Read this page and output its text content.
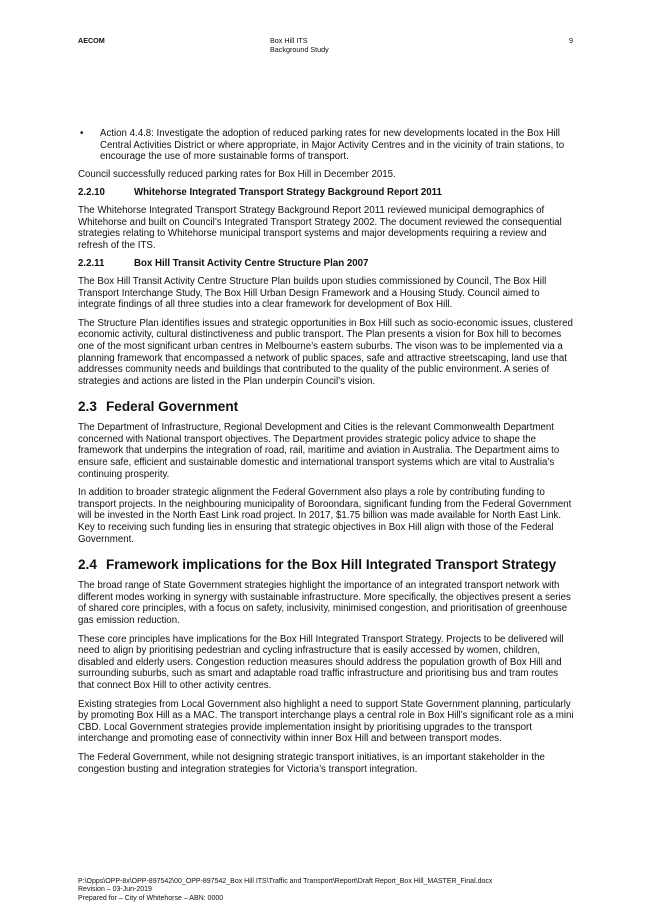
AECOM	Box Hill ITS
Background Study
9

• Action 4.4.8: Investigate the adoption of reduced parking rates for new developments located in the Box Hill Central Activities District or where appropriate, in Major Activity Centres and in the vicinity of train stations, to encourage the use of more sustainable forms of transport.

Council successfully reduced parking rates for Box Hill in December 2015.

2.2.10	Whitehorse Integrated Transport Strategy Background Report 2011

The Whitehorse Integrated Transport Strategy Background Report 2011 reviewed municipal demographics of Whitehorse and built on Council’s Integrated Transport Strategy 2002. The document reviewed the consequential strategies relating to Whitehorse municipal transport systems and major developments requiring a review and refresh of the ITS.

2.2.11	Box Hill Transit Activity Centre Structure Plan 2007

The Box Hill Transit Activity Centre Structure Plan builds upon studies commissioned by Council, The Box Hill Transport Interchange Study, The Box Hill Urban Design Framework and a Housing Study. Council aimed to integrate findings of all three studies into a clear framework for development of Box Hill.

The Structure Plan identifies issues and strategic opportunities in Box Hill such as socio-economic issues, clustered economic activity, cultural distinctiveness and public transport. The Plan presents a vision for Box hill to becomes one of the most significant urban centres in Melbourne’s eastern suburbs. The vison was to be implemented via a planning framework that encompassed a network of public spaces, safe and attractive streetscaping, land use that addresses community needs and buildings that contributed to the quality of the public environment. A series of strategies and actions are listed in the Plan underpin Council’s vision.

2.3 Federal Government

The Department of Infrastructure, Regional Development and Cities is the relevant Commonwealth Department concerned with National transport objectives. The Department provides strategic policy advice to shape the framework that underpins the integration of road, rail, maritime and aviation in Australia. The Department aims to ensure safe, efficient and sustainable domestic and international transport systems which are vital to Australia’s continuing prosperity.

In addition to broader strategic alignment the Federal Government also plays a role by contributing funding to transport projects. In the neighbouring municipality of Boroondara, significant funding from the Federal Government will be invested in the North East Link road project. In 2017, $1.75 billion was made available for North East Link. Key to receiving such funding lies in ensuring that strategic objectives in Box Hill align with those of the Federal Government.

2.4 Framework implications for the Box Hill Integrated Transport Strategy

The broad range of State Government strategies highlight the importance of an integrated transport network with different modes working in synergy with sustainable infrastructure. More specifically, the objectives present a series of shared core principles, with a focus on safety, inclusivity, minimised congestion, and prioritisation of greenhouse gas emission reduction.

These core principles have implications for the Box Hill Integrated Transport Strategy. Projects to be delivered will need to align by prioritising pedestrian and cycling infrastructure that is easily accessed by women, children, disabled and elderly users. Congestion reduction measures should address the population growth of Box Hill and surrounding suburbs, such as smart and adaptable road traffic infrastructure and prioritising bus and tram routes that connect Box Hill to other activity centres.

Existing strategies from Local Government also highlight a need to support State Government planning, particularly by promoting Box Hill as a MAC. The transport interchange plays a central role in Box Hill’s significant role as a mini CBD. Local Government strategies provide implementation insight by prioritising upgrades to the transport interchange and promoting ease of connectivity within inner Box Hill and between transport modes.

The Federal Government, while not designing strategic transport initiatives, is an important stakeholder in the congestion busting and integration strategies for Victoria’s transport integration.

P:\Opps\OPP-8x\OPP-897542\00_OPP-897542_Box Hill ITS\Traffic and Transport\Report\Draft Report_Box Hill_MASTER_Final.docx
Revision – 03-Jun-2019
Prepared for – City of Whitehorse – ABN: 0000
